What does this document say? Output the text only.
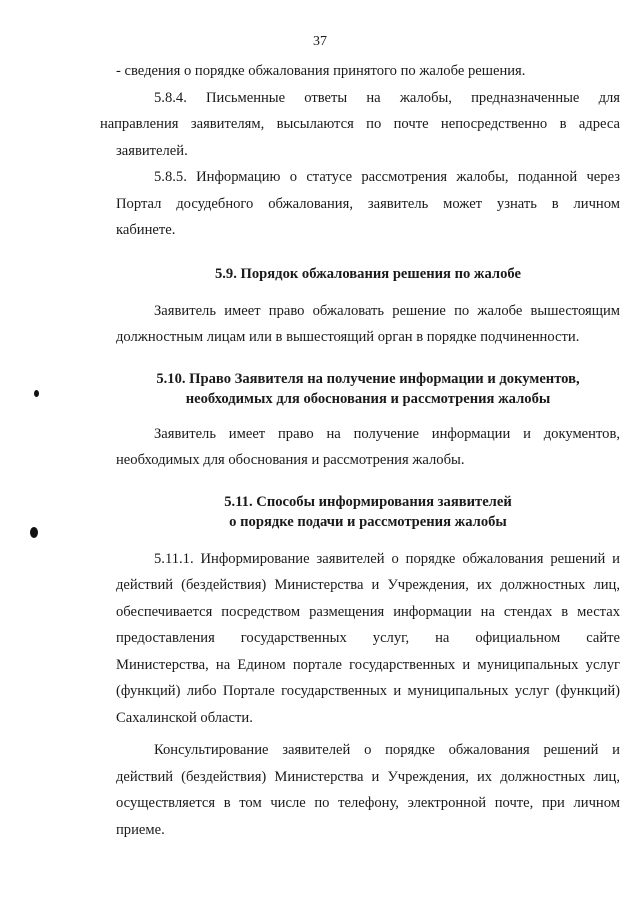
37

- сведения о порядке обжалования принятого по жалобе решения.

5.8.4. Письменные ответы на жалобы, предназначенные для

направления заявителям, высылаются по почте непосредственно в адреса

заявителей.

5.8.5. Информацию о статусе рассмотрения жалобы, поданной через

Портал досудебного обжалования, заявитель может узнать в личном

кабинете.

5.9. Порядок обжалования решения по жалобе

Заявитель имеет право обжаловать решение по жалобе вышестоящим

должностным лицам или в вышестоящий орган в порядке подчиненности.

5.10. Право Заявителя на получение информации и документов,
необходимых для обоснования и рассмотрения жалобы

Заявитель имеет право на получение информации и документов,

необходимых для обоснования и рассмотрения жалобы.

5.11. Способы информирования заявителей
о порядке подачи и рассмотрения жалобы

5.11.1. Информирование заявителей о порядке обжалования решений и

действий (бездействия) Министерства и Учреждения, их должностных лиц,

обеспечивается посредством размещения информации на стендах в местах

предоставления государственных услуг, на официальном сайте

Министерства, на Едином портале государственных и муниципальных услуг

(функций) либо Портале государственных и муниципальных услуг (функций)

Сахалинской области.

Консультирование заявителей о порядке обжалования решений и

действий (бездействия) Министерства и Учреждения, их должностных лиц,

осуществляется в том числе по телефону, электронной почте, при личном

приеме.
